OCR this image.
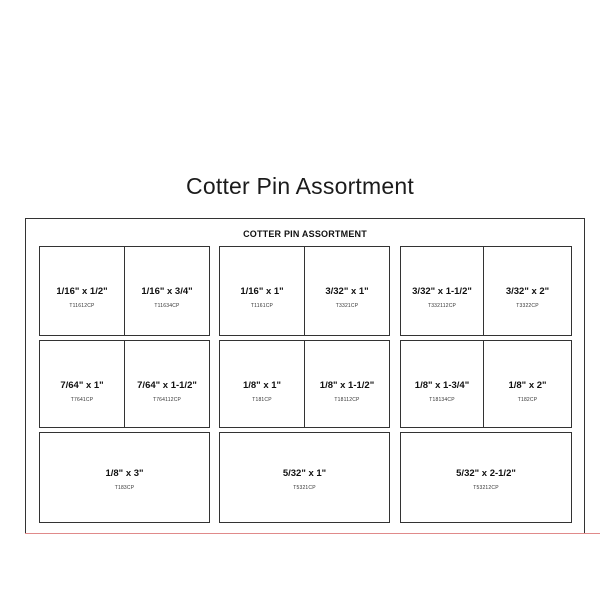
Cotter Pin Assortment
COTTER PIN ASSORTMENT
1/16" x 1/2"
T11612CP
1/16" x 3/4"
T11634CP
1/16" x 1"
T1161CP
3/32" x 1"
T3321CP
3/32" x 1-1/2"
T332112CP
3/32" x 2"
T3322CP
7/64" x 1"
T7641CP
7/64" x 1-1/2"
T764112CP
1/8" x 1"
T181CP
1/8" x 1-1/2"
T18112CP
1/8" x 1-3/4"
T18134CP
1/8" x 2"
T182CP
1/8" x 3"
T183CP
5/32" x 1"
T5321CP
5/32" x 2-1/2"
T53212CP
